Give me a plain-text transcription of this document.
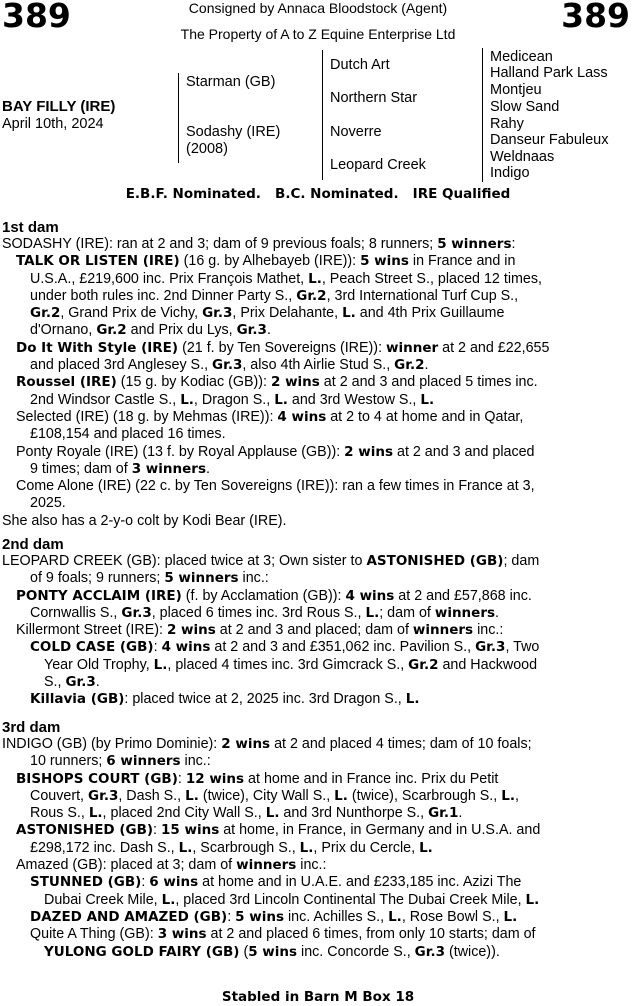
389	389
Consigned by Annaca Bloodstock (Agent)
The Property of A to Z Equine Enterprise Ltd
BAY FILLY (IRE)
April 10th, 2024
Starman (GB)
Sodashy (IRE)
(2008)
Dutch Art
Northern Star
Noverre
Leopard Creek
Medicean
Halland Park Lass
Montjeu
Slow Sand
Rahy
Danseur Fabuleux
Weldnaas
Indigo
E.B.F. Nominated.   B.C. Nominated.   IRE Qualified
1st dam
SODASHY (IRE): ran at 2 and 3; dam of 9 previous foals; 8 runners; 5 winners:
TALK OR LISTEN (IRE) (16 g. by Alhebayeb (IRE)): 5 wins in France and in
U.S.A., £219,600 inc. Prix François Mathet, L., Peach Street S., placed 12 times,
under both rules inc. 2nd Dinner Party S., Gr.2, 3rd International Turf Cup S.,
Gr.2, Grand Prix de Vichy, Gr.3, Prix Delahante, L. and 4th Prix Guillaume
d'Ornano, Gr.2 and Prix du Lys, Gr.3.
Do It With Style (IRE) (21 f. by Ten Sovereigns (IRE)): winner at 2 and £22,655
and placed 3rd Anglesey S., Gr.3, also 4th Airlie Stud S., Gr.2.
Roussel (IRE) (15 g. by Kodiac (GB)): 2 wins at 2 and 3 and placed 5 times inc.
2nd Windsor Castle S., L., Dragon S., L. and 3rd Westow S., L.
Selected (IRE) (18 g. by Mehmas (IRE)): 4 wins at 2 to 4 at home and in Qatar,
£108,154 and placed 16 times.
Ponty Royale (IRE) (13 f. by Royal Applause (GB)): 2 wins at 2 and 3 and placed
9 times; dam of 3 winners.
Come Alone (IRE) (22 c. by Ten Sovereigns (IRE)): ran a few times in France at 3,
2025.
She also has a 2-y-o colt by Kodi Bear (IRE).
2nd dam
LEOPARD CREEK (GB): placed twice at 3; Own sister to ASTONISHED (GB); dam
of 9 foals; 9 runners; 5 winners inc.:
PONTY ACCLAIM (IRE) (f. by Acclamation (GB)): 4 wins at 2 and £57,868 inc.
Cornwallis S., Gr.3, placed 6 times inc. 3rd Rous S., L.; dam of winners.
Killermont Street (IRE): 2 wins at 2 and 3 and placed; dam of winners inc.:
COLD CASE (GB): 4 wins at 2 and 3 and £351,062 inc. Pavilion S., Gr.3, Two
Year Old Trophy, L., placed 4 times inc. 3rd Gimcrack S., Gr.2 and Hackwood
S., Gr.3.
Killavia (GB): placed twice at 2, 2025 inc. 3rd Dragon S., L.
3rd dam
INDIGO (GB) (by Primo Dominie): 2 wins at 2 and placed 4 times; dam of 10 foals;
10 runners; 6 winners inc.:
BISHOPS COURT (GB): 12 wins at home and in France inc. Prix du Petit
Couvert, Gr.3, Dash S., L. (twice), City Wall S., L. (twice), Scarbrough S., L.,
Rous S., L., placed 2nd City Wall S., L. and 3rd Nunthorpe S., Gr.1.
ASTONISHED (GB): 15 wins at home, in France, in Germany and in U.S.A. and
£298,172 inc. Dash S., L., Scarbrough S., L., Prix du Cercle, L.
Amazed (GB): placed at 3; dam of winners inc.:
STUNNED (GB): 6 wins at home and in U.A.E. and £233,185 inc. Azizi The
Dubai Creek Mile, L., placed 3rd Lincoln Continental The Dubai Creek Mile, L.
DAZED AND AMAZED (GB): 5 wins inc. Achilles S., L., Rose Bowl S., L.
Quite A Thing (GB): 3 wins at 2 and placed 6 times, from only 10 starts; dam of
YULONG GOLD FAIRY (GB) (5 wins inc. Concorde S., Gr.3 (twice)).
Stabled in Barn M Box 18
